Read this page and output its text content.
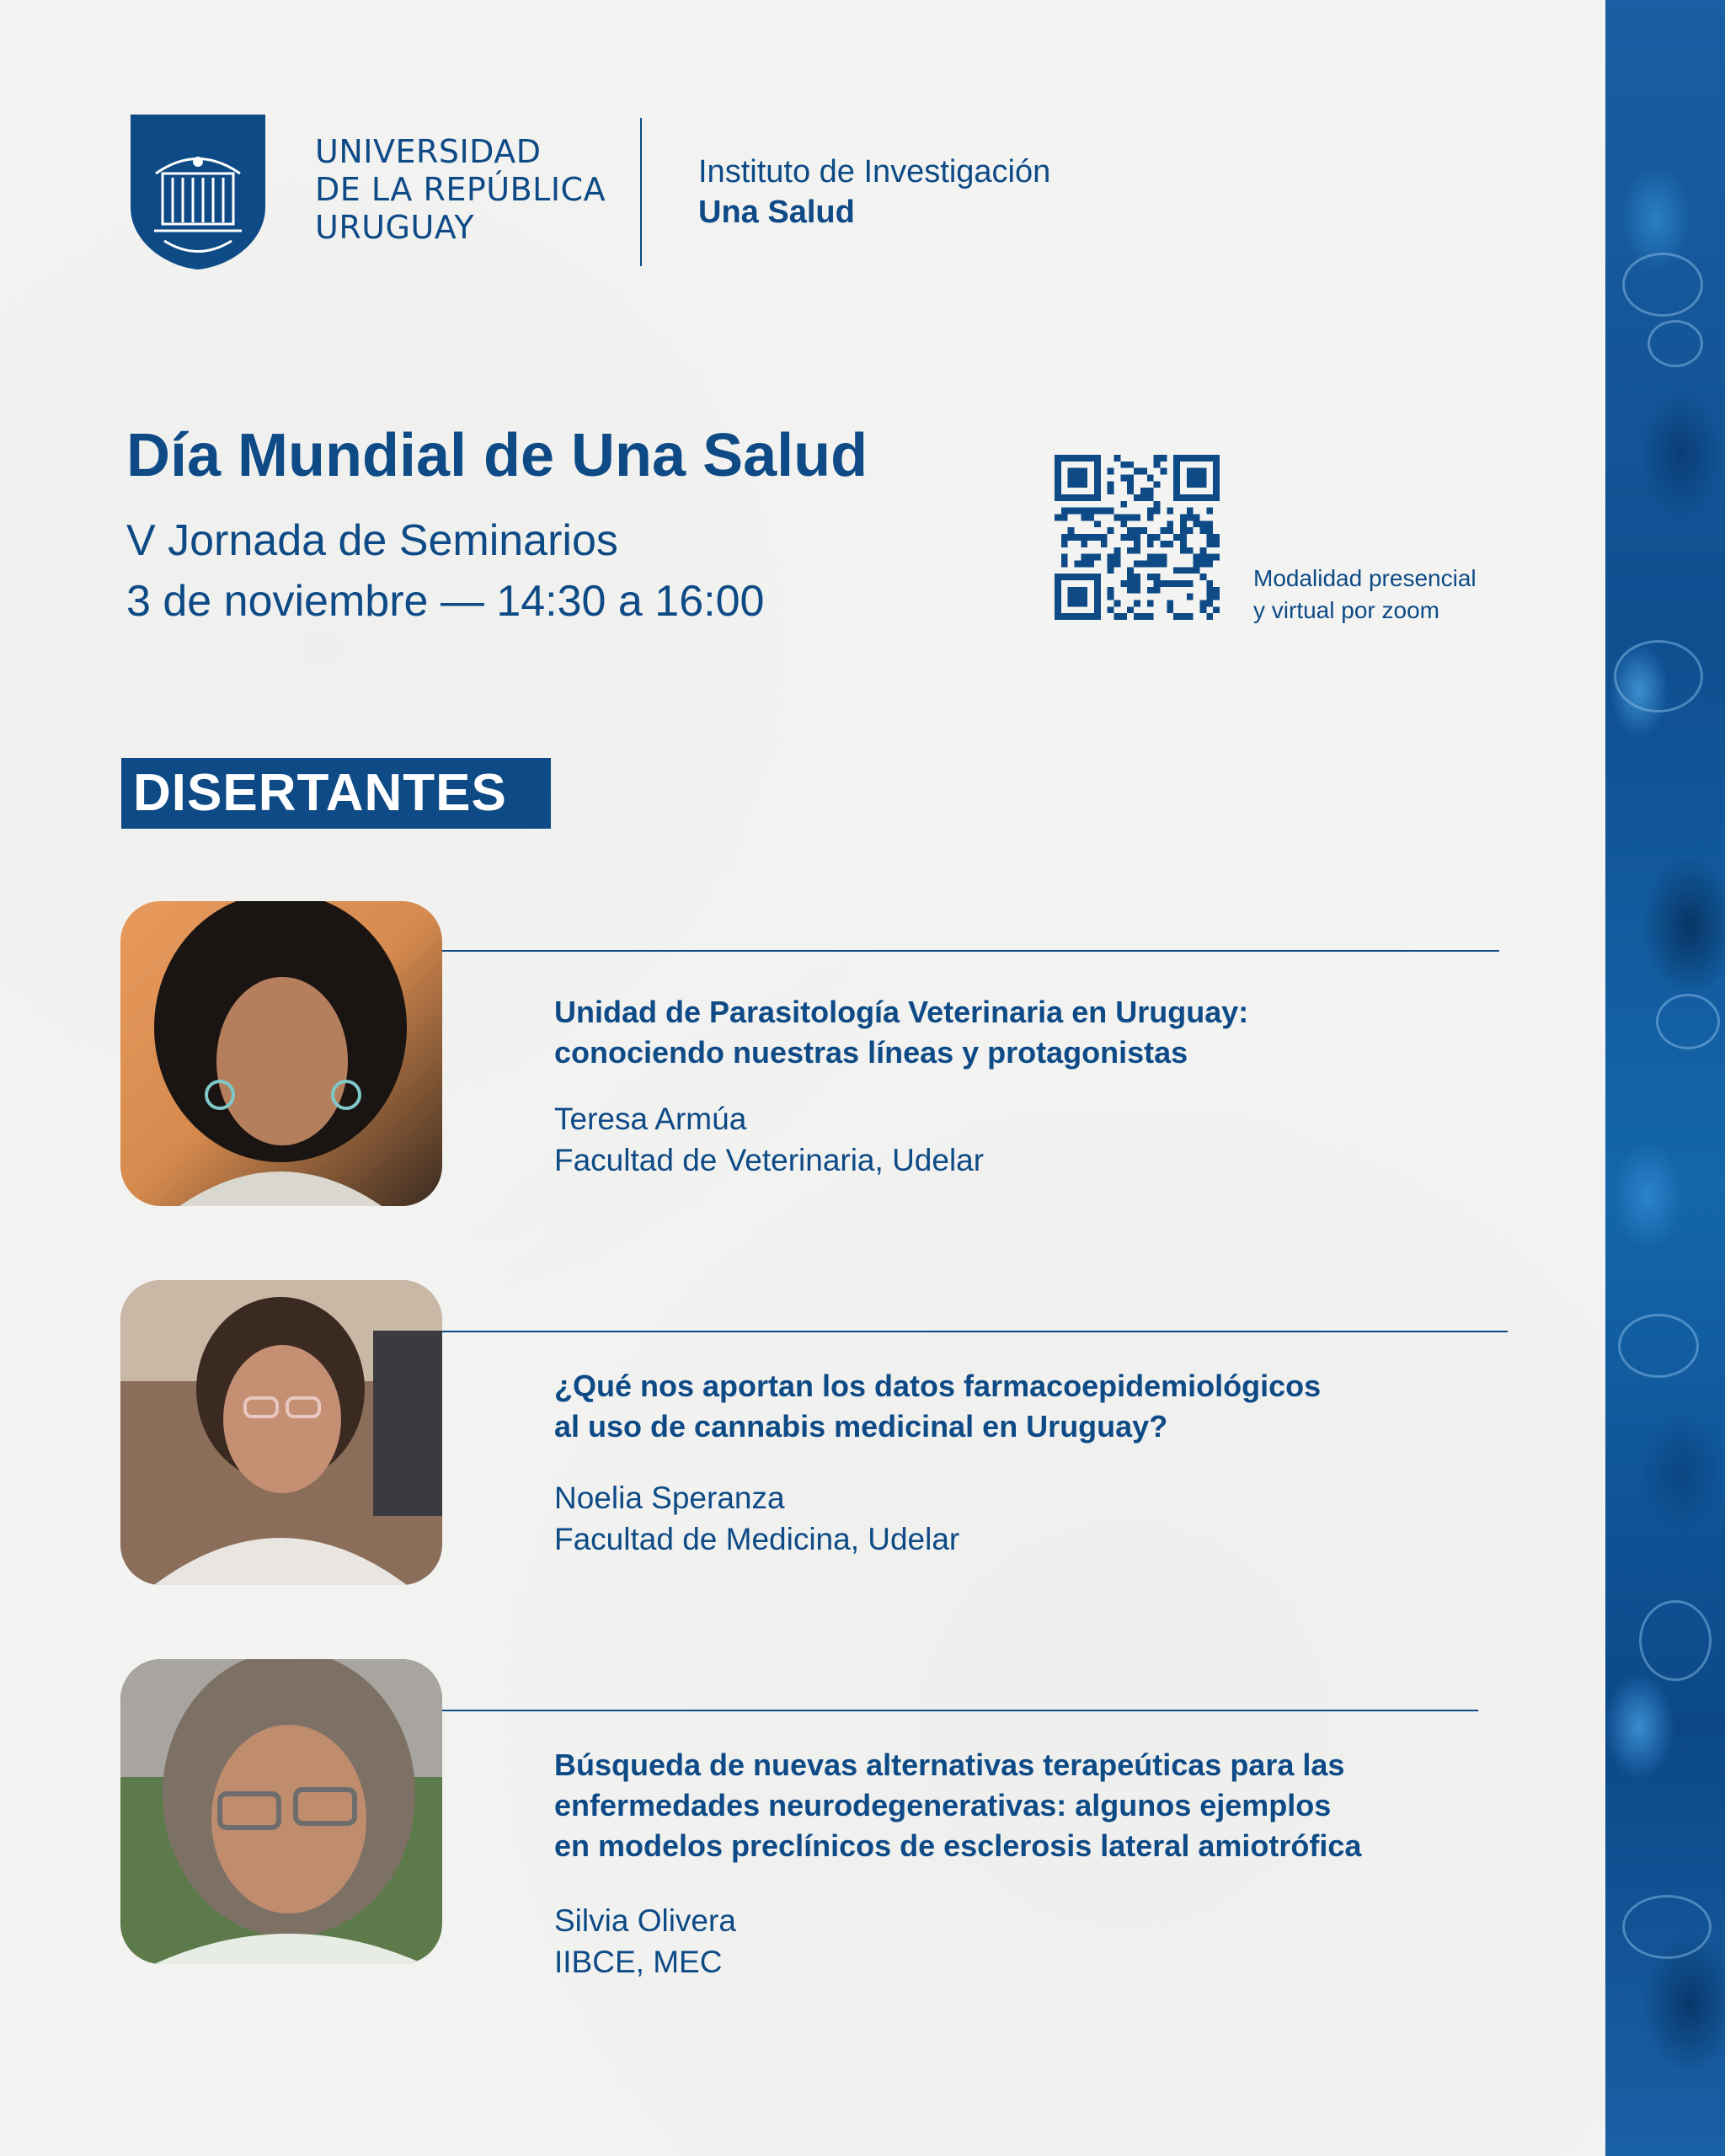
UNIVERSIDAD
DE LA REPÚBLICA
URUGUAY
Instituto de Investigación
Una Salud
Día Mundial de Una Salud
V Jornada de Seminarios
3 de noviembre — 14:30 a 16:00	Modalidad presencial
y virtual por zoom
DISERTANTES
Unidad de Parasitología Veterinaria en Uruguay:
conociendo nuestras líneas y protagonistas
Teresa Armúa
Facultad de Veterinaria, Udelar
¿Qué nos aportan los datos farmacoepidemiológicos
al uso de cannabis medicinal en Uruguay?
Noelia Speranza
Facultad de Medicina, Udelar
Búsqueda de nuevas alternativas terapeúticas para las
enfermedades neurodegenerativas: algunos ejemplos
en modelos preclínicos de esclerosis lateral amiotrófica
Silvia Olivera
IIBCE, MEC
